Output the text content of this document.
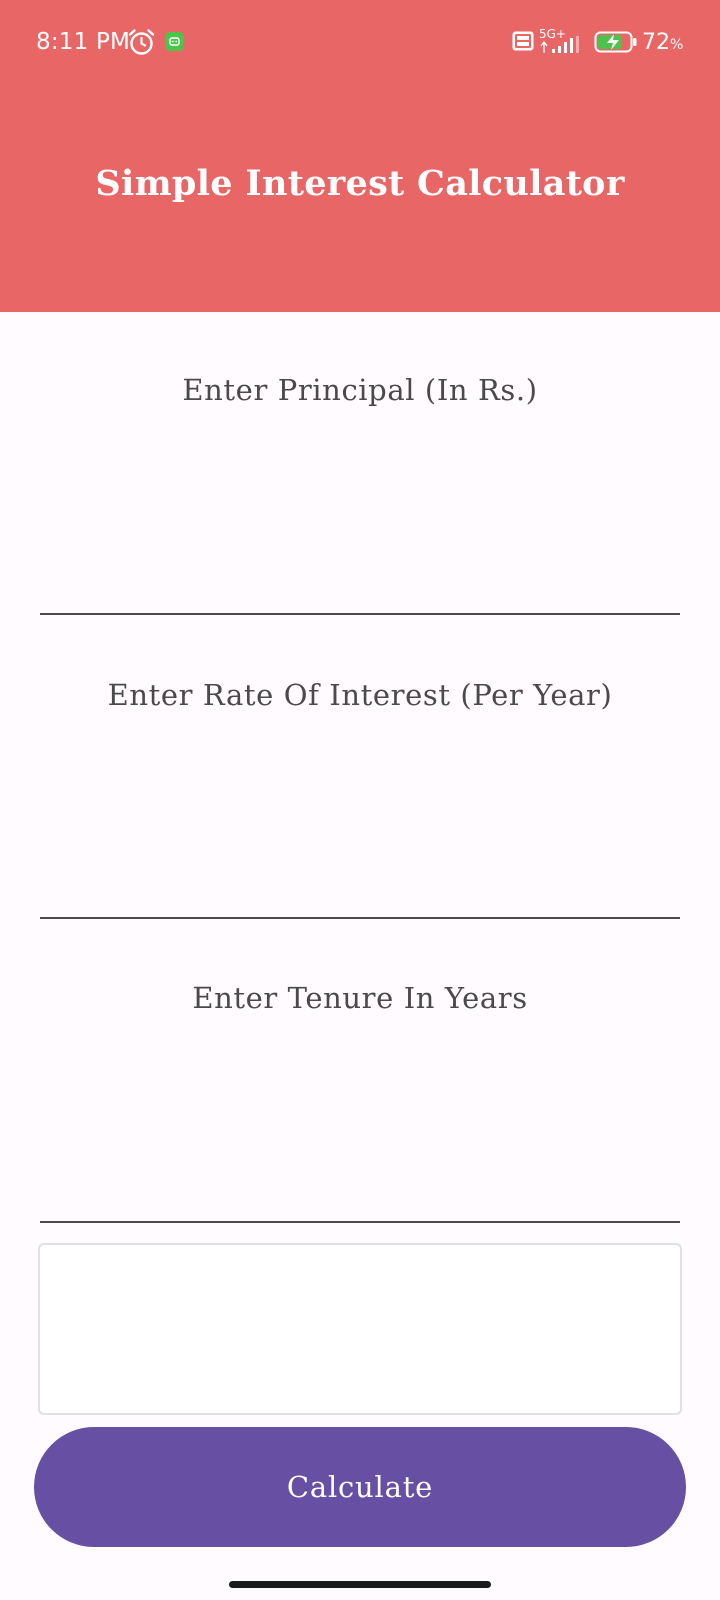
8:11 PM	5G+	72%
Simple Interest Calculator
Enter Principal (In Rs.)
Enter Rate Of Interest (Per Year)
Enter Tenure In Years
Calculate
